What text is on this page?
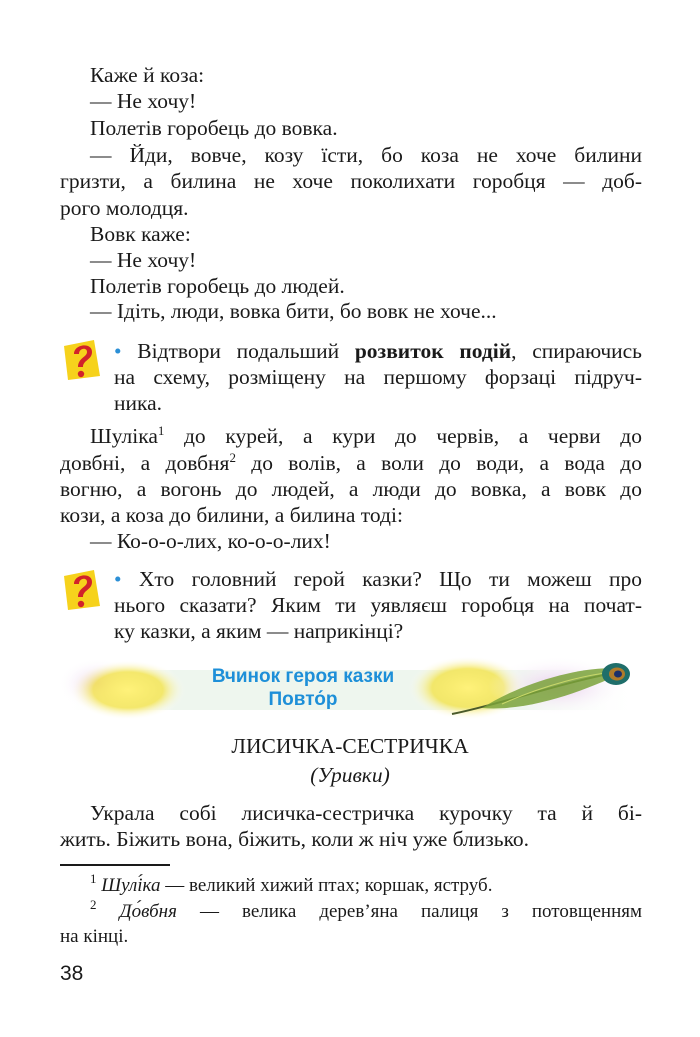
Каже й коза:
— Не хочу!
Полетів горобець до вовка.
— Йди, вовче, козу їсти, бо коза не хоче билини
гризти, а билина не хоче поколихати горобця — доб-
рого молодця.
Вовк каже:
— Не хочу!
Полетів горобець до людей.
— Ідіть, люди, вовка бити, бо вовк не хоче...
• Відтвори подальший розвиток подій, спираючись
на схему, розміщену на першому форзаці підруч-
ника.
Шуліка$^1$ до курей, а кури до червів, а черви до
довбні, а довбня$^2$ до волів, а воли до води, а вода до
вогню, а вогонь до людей, а люди до вовка, а вовк до
кози, а коза до билини, а билина тоді:
— Ко-о-о-лих, ко-о-о-лих!
• Хто головний герой казки? Що ти можеш про
нього сказати? Яким ти уявляєш горобця на почат-
ку казки, а яким — наприкінці?
Вчинок героя казки
Повто́р
ЛИСИЧКА-СЕСТРИЧКА
(Уривки)
Украла собі лисичка-сестричка курочку та й бі-
жить. Біжить вона, біжить, коли ж ніч уже близько.
$^1$ Шулі́ка — великий хижий птах; коршак, яструб.
$^2$ До́вбня — велика дерев’яна палиця з потовщенням
на кінці.
38
